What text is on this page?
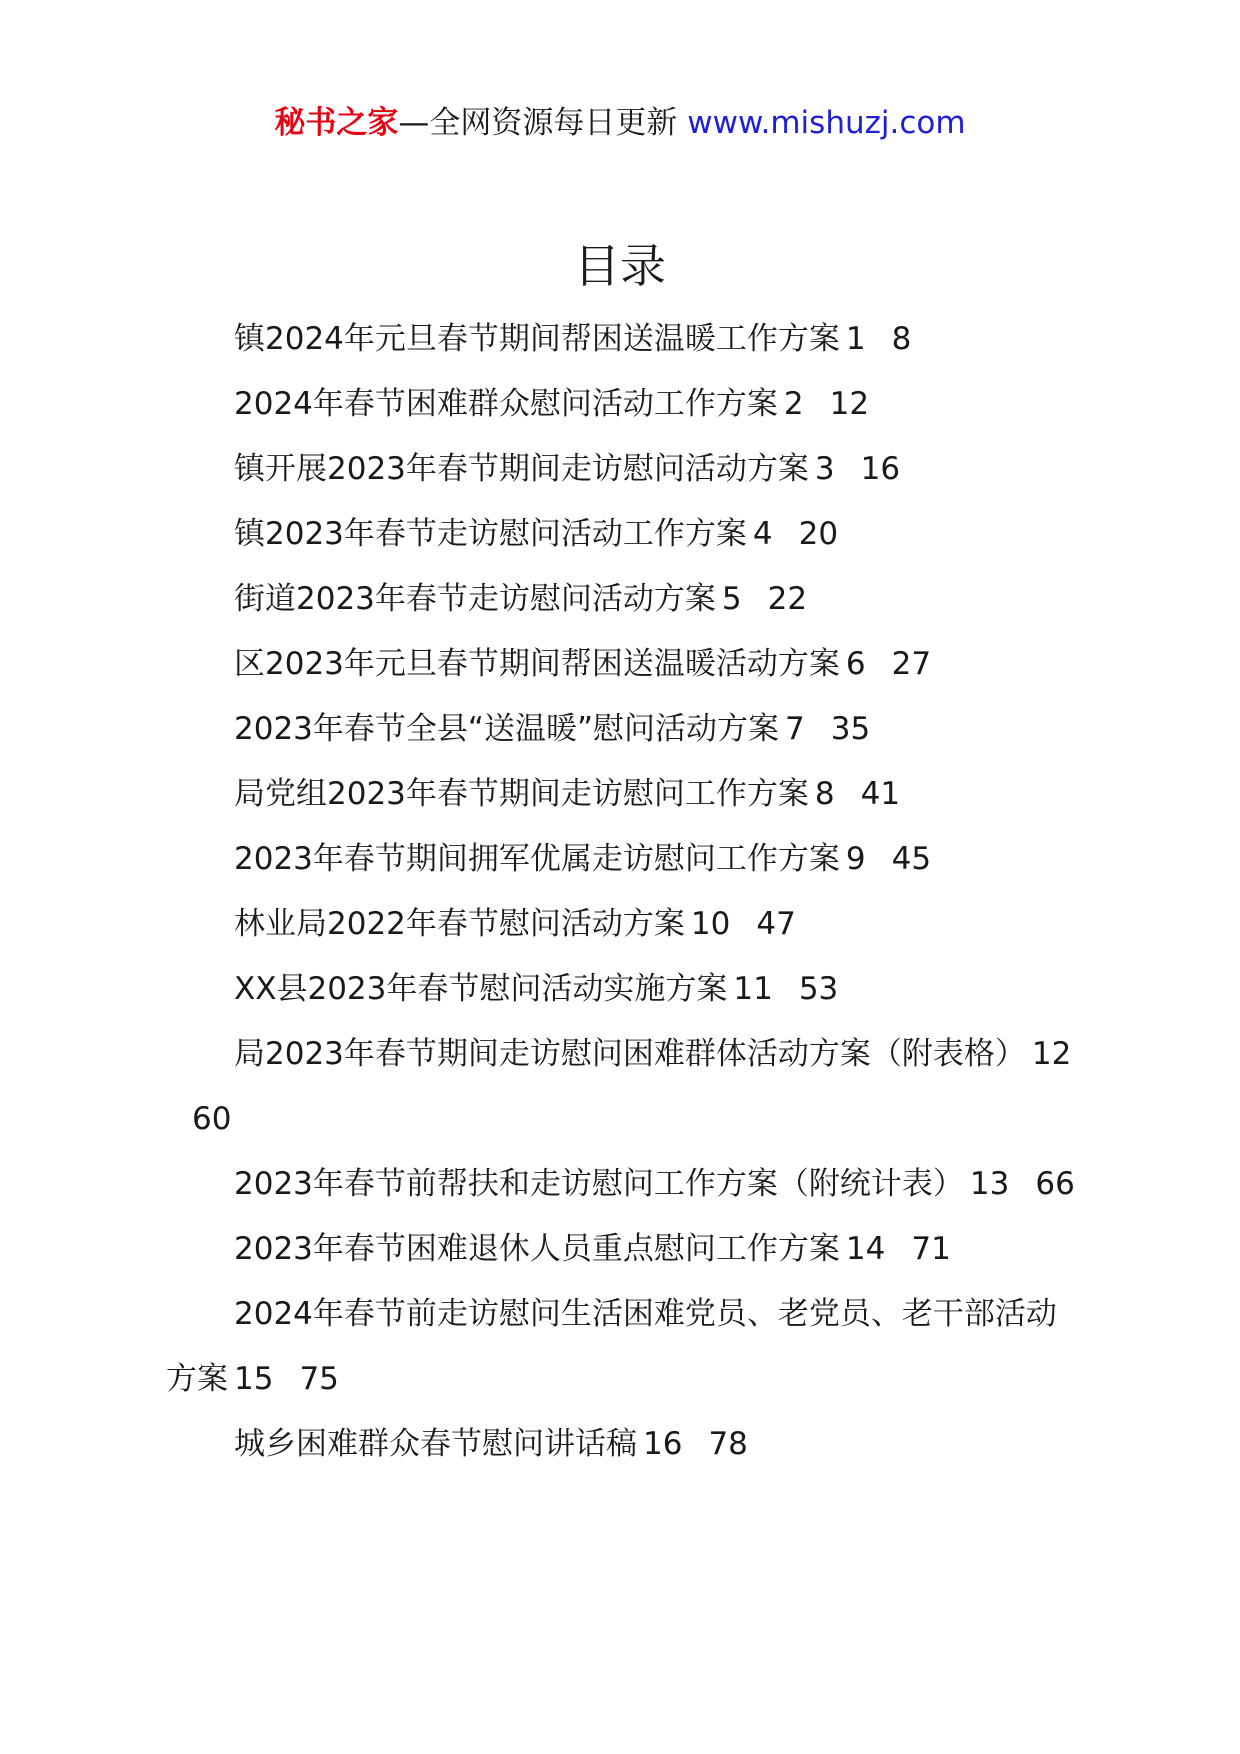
秘书之家—全网资源每日更新 www.mishuzj.com
目录
镇2024年元旦春节期间帮困送温暖工作方案 1 8
2024年春节困难群众慰问活动工作方案 2 12
镇开展2023年春节期间走访慰问活动方案 3 16
镇2023年春节走访慰问活动工作方案 4 20
街道2023年春节走访慰问活动方案 5 22
区2023年元旦春节期间帮困送温暖活动方案 6 27
2023年春节全县“送温暖”慰问活动方案 7 35
局党组2023年春节期间走访慰问工作方案 8 41
2023年春节期间拥军优属走访慰问工作方案 9 45
林业局2022年春节慰问活动方案 10 47
XX县2023年春节慰问活动实施方案 11 53
局2023年春节期间走访慰问困难群体活动方案（附表格） 1260
2023年春节前帮扶和走访慰问工作方案（附统计表） 13 66
2023年春节困难退休人员重点慰问工作方案 14 71
2024年春节前走访慰问生活困难党员、老党员、老干部活动方案 15 75
城乡困难群众春节慰问讲话稿 16 78
